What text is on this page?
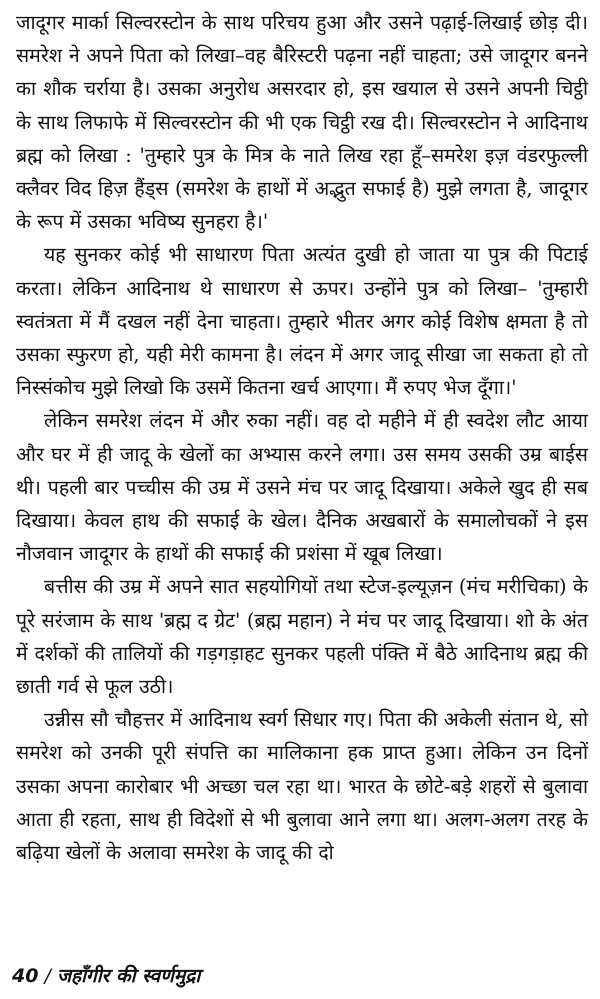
जादूगर मार्का सिल्वरस्टोन के साथ परिचय हुआ और उसने पढ़ाई-लिखाई छोड़ दी। समरेश ने अपने पिता को लिखा–वह बैरिस्टरी पढ़ना नहीं चाहता; उसे जादूगर बनने का शौक चर्राया है। उसका अनुरोध असरदार हो, इस खयाल से उसने अपनी चिट्ठी के साथ लिफाफे में सिल्वरस्टोन की भी एक चिट्ठी रख दी। सिल्वरस्टोन ने आदिनाथ ब्रह्म को लिखा : 'तुम्हारे पुत्र के मित्र के नाते लिख रहा हूँ–समरेश इज़ वंडरफुल्ली क्लैवर विद हिज़ हैंड्स (समरेश के हाथों में अद्भुत सफाई है) मुझे लगता है, जादूगर के रूप में उसका भविष्य सुनहरा है।'

यह सुनकर कोई भी साधारण पिता अत्यंत दुखी हो जाता या पुत्र की पिटाई करता। लेकिन आदिनाथ थे साधारण से ऊपर। उन्होंने पुत्र को लिखा– 'तुम्हारी स्वतंत्रता में मैं दखल नहीं देना चाहता। तुम्हारे भीतर अगर कोई विशेष क्षमता है तो उसका स्फुरण हो, यही मेरी कामना है। लंदन में अगर जादू सीखा जा सकता हो तो निस्संकोच मुझे लिखो कि उसमें कितना खर्च आएगा। मैं रुपए भेज दूँगा।'

लेकिन समरेश लंदन में और रुका नहीं। वह दो महीने में ही स्वदेश लौट आया और घर में ही जादू के खेलों का अभ्यास करने लगा। उस समय उसकी उम्र बाईस थी। पहली बार पच्चीस की उम्र में उसने मंच पर जादू दिखाया। अकेले खुद ही सब दिखाया। केवल हाथ की सफाई के खेल। दैनिक अखबारों के समालोचकों ने इस नौजवान जादूगर के हाथों की सफाई की प्रशंसा में खूब लिखा।

बत्तीस की उम्र में अपने सात सहयोगियों तथा स्टेज-इल्यूज़न (मंच मरीचिका) के पूरे सरंजाम के साथ 'ब्रह्म द ग्रेट' (ब्रह्म महान) ने मंच पर जादू दिखाया। शो के अंत में दर्शकों की तालियों की गड़गड़ाहट सुनकर पहली पंक्ति में बैठे आदिनाथ ब्रह्म की छाती गर्व से फूल उठी।

उन्नीस सौ चौहत्तर में आदिनाथ स्वर्ग सिधार गए। पिता की अकेली संतान थे, सो समरेश को उनकी पूरी संपत्ति का मालिकाना हक प्राप्त हुआ। लेकिन उन दिनों उसका अपना कारोबार भी अच्छा चल रहा था। भारत के छोटे-बड़े शहरों से बुलावा आता ही रहता, साथ ही विदेशों से भी बुलावा आने लगा था। अलग-अलग तरह के बढ़िया खेलों के अलावा समरेश के जादू की दो

40 / जहाँगीर की स्वर्णमुद्रा
